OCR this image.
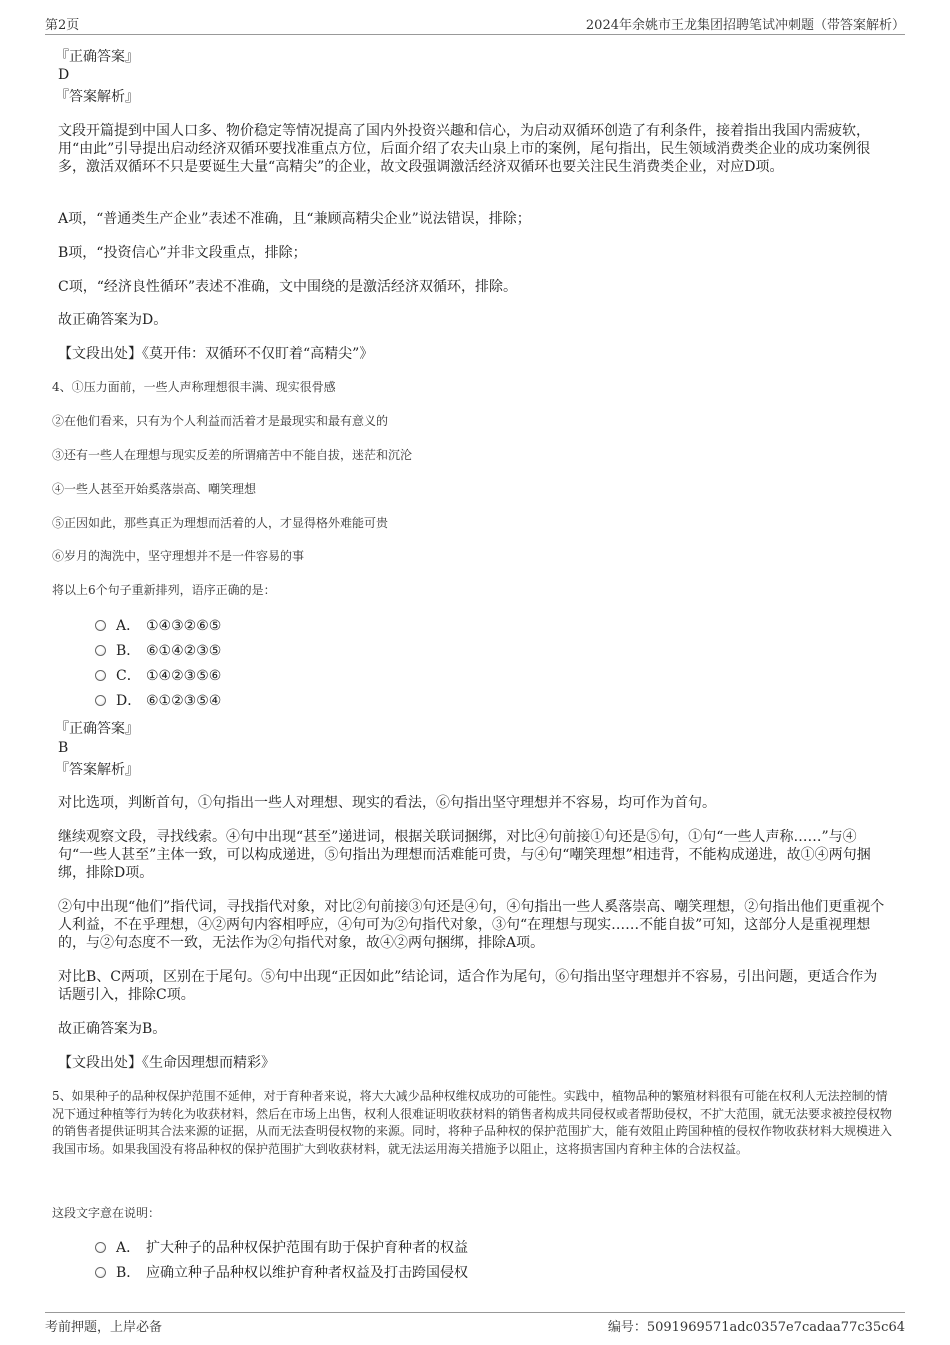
第2页	2024年余姚市王龙集团招聘笔试冲刺题（带答案解析）
『正确答案』
D
『答案解析』
文段开篇提到中国人口多、物价稳定等情况提高了国内外投资兴趣和信心，为启动双循环创造了有利条件，接着指出我国内需疲软，用“由此”引导提出启动经济双循环要找准重点方位，后面介绍了农夫山泉上市的案例，尾句指出，民生领域消费类企业的成功案例很多，激活双循环不只是要诞生大量“高精尖”的企业，故文段强调激活经济双循环也要关注民生消费类企业，对应D项。
A项，“普通类生产企业”表述不准确，且“兼顾高精尖企业”说法错误，排除；
B项，“投资信心”并非文段重点，排除；
C项，“经济良性循环”表述不准确，文中围绕的是激活经济双循环，排除。
故正确答案为D。
【文段出处】《莫开伟：双循环不仅盯着“高精尖”》
4、①压力面前，一些人声称理想很丰满、现实很骨感
②在他们看来，只有为个人利益而活着才是最现实和最有意义的
③还有一些人在理想与现实反差的所谓痛苦中不能自拔，迷茫和沉沦
④一些人甚至开始奚落崇高、嘲笑理想
⑤正因如此，那些真正为理想而活着的人，才显得格外难能可贵
⑥岁月的淘洗中，坚守理想并不是一件容易的事
将以上6个句子重新排列，语序正确的是：
A． ①④③②⑥⑤
B． ⑥①④②③⑤
C． ①④②③⑤⑥
D． ⑥①②③⑤④
『正确答案』
B
『答案解析』
对比选项，判断首句，①句指出一些人对理想、现实的看法，⑥句指出坚守理想并不容易，均可作为首句。
继续观察文段，寻找线索。④句中出现“甚至”递进词，根据关联词捆绑，对比④句前接①句还是⑤句，①句“一些人声称……”与④句“一些人甚至”主体一致，可以构成递进，⑤句指出为理想而活难能可贵，与④句“嘲笑理想”相违背，不能构成递进，故①④两句捆绑，排除D项。
②句中出现“他们”指代词，寻找指代对象，对比②句前接③句还是④句，④句指出一些人奚落崇高、嘲笑理想，②句指出他们更重视个人利益，不在乎理想，④②两句内容相呼应，④句可为②句指代对象，③句“在理想与现实……不能自拔”可知，这部分人是重视理想的，与②句态度不一致，无法作为②句指代对象，故④②两句捆绑，排除A项。
对比B、C两项，区别在于尾句。⑤句中出现“正因如此”结论词，适合作为尾句，⑥句指出坚守理想并不容易，引出问题，更适合作为话题引入，排除C项。
故正确答案为B。
【文段出处】《生命因理想而精彩》
5、如果种子的品种权保护范围不延伸，对于育种者来说，将大大减少品种权维权成功的可能性。实践中，植物品种的繁殖材料很有可能在权利人无法控制的情况下通过种植等行为转化为收获材料，然后在市场上出售，权利人很难证明收获材料的销售者构成共同侵权或者帮助侵权，不扩大范围，就无法要求被控侵权物的销售者提供证明其合法来源的证据，从而无法查明侵权物的来源。同时，将种子品种权的保护范围扩大，能有效阻止跨国种植的侵权作物收获材料大规模进入我国市场。如果我国没有将品种权的保护范围扩大到收获材料，就无法运用海关措施予以阻止，这将损害国内育种主体的合法权益。
这段文字意在说明：
A． 扩大种子的品种权保护范围有助于保护育种者的权益
B． 应确立种子品种权以维护育种者权益及打击跨国侵权
考前押题，上岸必备	编号：5091969571adc0357e7cadaa77c35c64
